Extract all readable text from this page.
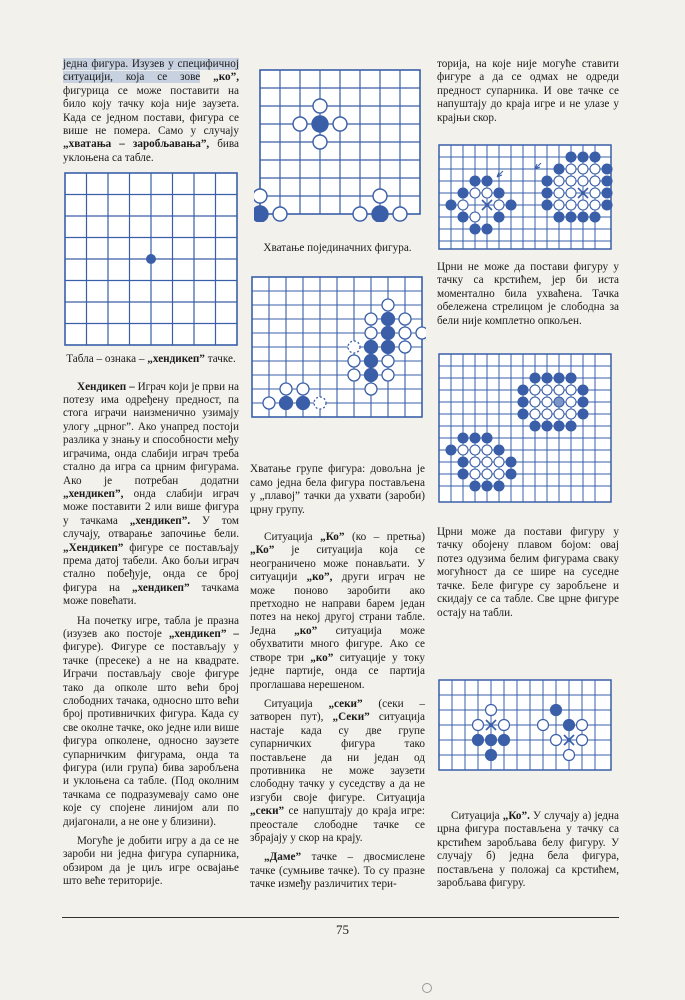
једна фигура. Изузев у специфичној ситуацији, која се зове „ко”, фигурица се може поставити на било коју тачку која није заузета. Када се једном постави, фигура се више не помера. Само у случају „хватања – заробљавања”, бива уклоњена са табле.

Табла – ознака – „хендикеп” тачке.

Хендикеп – Играч који је први на потезу има одређену предност, па стога играчи наизменично узимају улогу „црног”. Ако унапред постоји разлика у знању и способности међу играчима, онда слабији играч треба стално да игра са црним фигурама. Ако је потребан додатни „хендикеп”, онда слабији играч може поставити 2 или више фигура у тачкама „хендикеп”. У том случају, отварање започиње бели. „Хендикеп” фигуре се постављају према датој табели. Ако бољи играч стално побеђује, онда се број фигура на „хендикеп” тачкама може повећати.

На почетку игре, табла је празна (изузев ако постоје „хендикеп” – фигуре). Фигуре се постављају у тачке (пресеке) а не на квадрате. Играчи постављају своје фигуре тако да опколе што већи број слободних тачака, односно што већи број противничких фигура. Када су све околне тачке, око једне или више фигура опколене, односно заузете супарничким фигурама, онда та фигура (или група) бива заробљена и уклоњена са табле. (Под околним тачкама се подразумевају само оне које су спојене линијом али по дијагонали, а не оне у близини).

Могуће је добити игру а да се не зароби ни једна фигура супарника, обзиром да је циљ игре освајање што веће територије.

Хватање појединачних фигура.

Хватање групе фигура: довољна је само једна бела фигура постављена у „плавој” тачки да ухвати (зароби) црну групу.

Ситуација „Ко” (ко – претња) „Ко” је ситуација која се неограничено може понављати. У ситуацији „ко”, други играч не може поново заробити ако претходно не направи барем један потез на некој другој страни табле. Једна „ко” ситуација може обухватити много фигуре. Ако се створе три „ко” ситуације у току једне партије, онда се партија проглашава нерешеном.

Ситуација „секи” (секи – затворен пут), „Секи” ситуација настаје када су две групе супарничких фигура тако постављене да ни један од противника не може заузети слободну тачку у суседству а да не изгуби своје фигуре. Ситуација „секи” се напуштају до краја игре: преостале слободне тачке се збрајају у скор на крају.

„Даме” тачке – двосмислене тачке (сумњиве тачке). То су празне тачке између различитих тери-

торија, на које није могуће ставити фигуре а да се одмах не одреди предност супарника. И ове тачке се напуштају до краја игре и не улазе у крајњи скор.

Црни не може да постави фигуру у тачку са крстићем, јер би иста моментално била ухваћена. Тачка обележена стрелицом је слободна за бели није комплетно опкољен.

Црни може да постави фигуру у тачку обојену плавом бојом: овај потез одузима белим фигурама сваку могућност да се шире на суседне тачке. Беле фигуре су заробљене и скидају се са табле. Све црне фигуре остају на табли.

Ситуација „Ко”. У случају а) једна црна фигура постављена у тачку са крстићем заробљава белу фигуру. У случају б) једна бела фигура, постављена у положај са крстићем, заробљава фигуру.

75
